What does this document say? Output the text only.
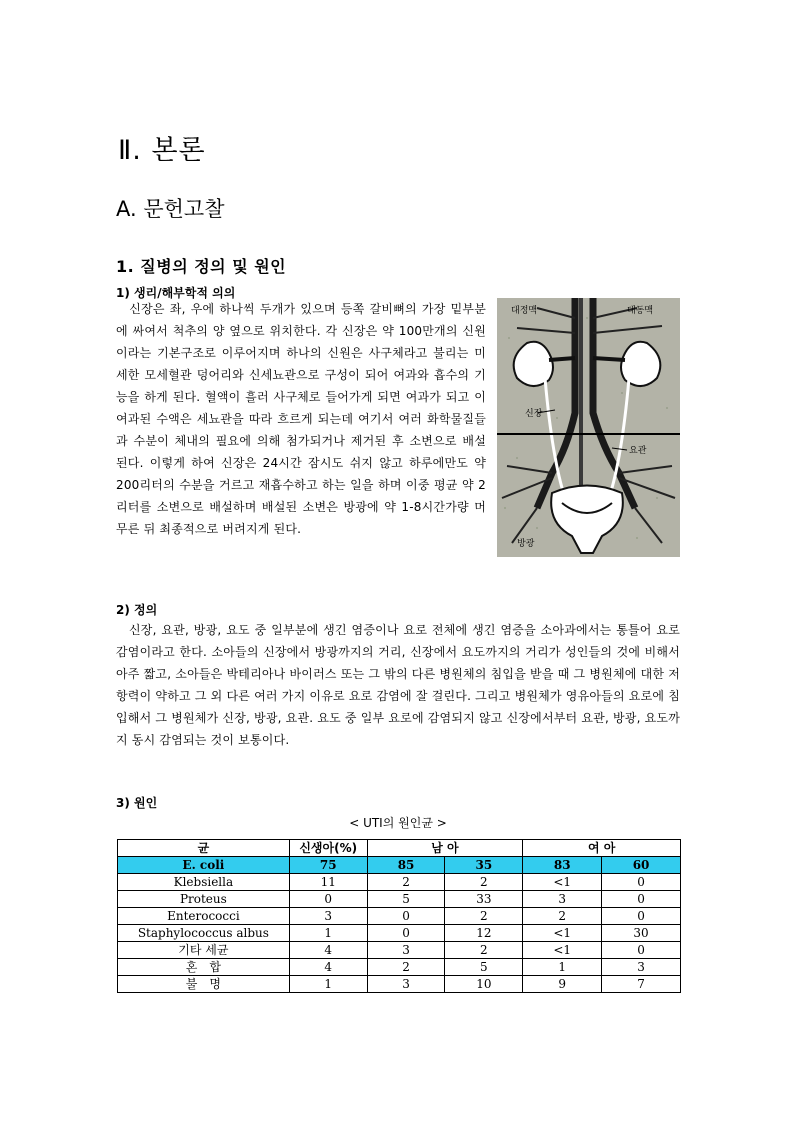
Ⅱ. 본론
A. 문헌고찰
1. 질병의 정의 및 원인
1) 생리/해부학적 의의

　신장은 좌, 우에 하나씩 두개가 있으며 등쪽 갈비뼈의 가장 밑부분에 싸여서 척추의 양 옆으로 위치한다. 각 신장은 약 100만개의 신원이라는 기본구조로 이루어지며 하나의 신원은 사구체라고 불리는 미세한 모세혈관 덩어리와 신세뇨관으로 구성이 되어 여과와 흡수의 기능을 하게 된다. 혈액이 흘러 사구체로 들어가게 되면 여과가 되고 이 여과된 수액은 세뇨관을 따라 흐르게 되는데 여기서 여러 화학물질들과 수분이 체내의 필요에 의해 첨가되거나 제거된 후 소변으로 배설 된다. 이렇게 하여 신장은 24시간 잠시도 쉬지 않고 하루에만도 약 200리터의 수분을 거르고 재흡수하고 하는 일을 하며 이중 평균 약 2리터를 소변으로 배설하며 배설된 소변은 방광에 약 1-8시간가량 머무른 뒤 최종적으로 버려지게 된다.

대정맥	대동맥
신장
요관
방광
2) 정의

　신장, 요관, 방광, 요도 중 일부분에 생긴 염증이나 요로 전체에 생긴 염증을 소아과에서는 통틀어 요로 감염이라고 한다. 소아들의 신장에서 방광까지의 거리, 신장에서 요도까지의 거리가 성인들의 것에 비해서 아주 짧고, 소아들은 박테리아나 바이러스 또는 그 밖의 다른 병원체의 침입을 받을 때 그 병원체에 대한 저항력이 약하고 그 외 다른 여러 가지 이유로 요로 감염에 잘 걸린다. 그리고 병원체가 영유아들의 요로에 침입해서 그 병원체가 신장, 방광, 요관. 요도 중 일부 요로에 감염되지 않고 신장에서부터 요관, 방광, 요도까지 동시 감염되는 것이 보통이다.

3) 원인
< UTI의 원인균 >
균	신생아(%)	남 아		여 아	
E. coli	75	85	35	83	60
Klebsiella	11	2	2	<1	0
Proteus	0	5	33	3	0
Enterococci	3	0	2	2	0
Staphylococcus albus	1	0	12	<1	30
기타 세균	4	3	2	<1	0
혼　합	4	2	5	1	3
불　명	1	3	10	9	7
